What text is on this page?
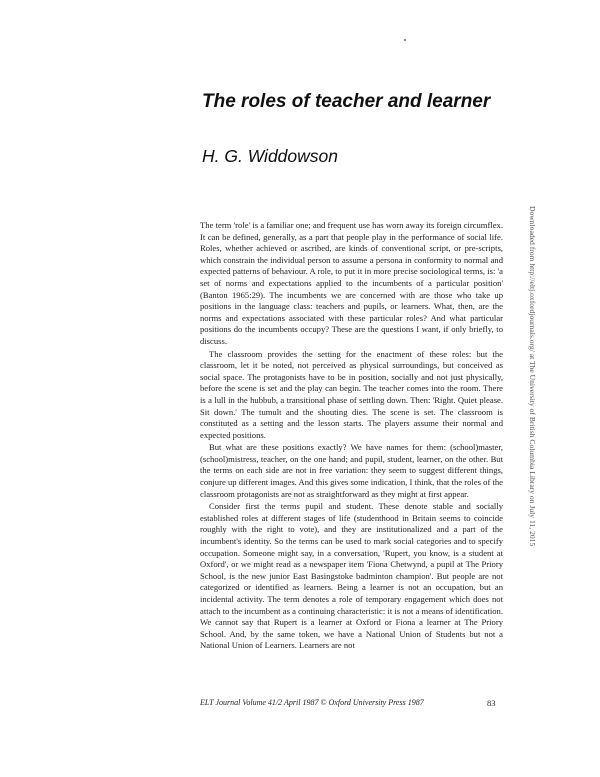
The roles of teacher and learner
H. G. Widdowson

The term 'role' is a familiar one; and frequent use has worn away its foreign circumflex. It can be defined, generally, as a part that people play in the performance of social life. Roles, whether achieved or ascribed, are kinds of conventional script, or pre-scripts, which constrain the individual person to assume a persona in conformity to normal and expected patterns of behaviour. A role, to put it in more precise sociological terms, is: 'a set of norms and expectations applied to the incumbents of a particular position' (Banton 1965:29). The incumbents we are concerned with are those who take up positions in the language class: teachers and pupils, or learners. What, then, are the norms and expectations associated with these particular roles? And what particular positions do the incumbents occupy? These are the questions I want, if only briefly, to discuss.

The classroom provides the setting for the enactment of these roles: but the classroom, let it be noted, not perceived as physical surroundings, but conceived as social space. The protagonists have to be in position, socially and not just physically, before the scene is set and the play can begin. The teacher comes into the room. There is a lull in the hubbub, a transitional phase of settling down. Then: 'Right. Quiet please. Sit down.' The tumult and the shouting dies. The scene is set. The classroom is constituted as a setting and the lesson starts. The players assume their normal and expected positions.

But what are these positions exactly? We have names for them: (school)master, (school)mistress, teacher, on the one hand; and pupil, student, learner, on the other. But the terms on each side are not in free variation: they seem to suggest different things, conjure up different images. And this gives some indication, I think, that the roles of the classroom protagonists are not as straightforward as they might at first appear.

Consider first the terms pupil and student. These denote stable and socially established roles at different stages of life (studenthood in Britain seems to coincide roughly with the right to vote), and they are institutionalized and a part of the incumbent's identity. So the terms can be used to mark social categories and to specify occupation. Someone might say, in a conversation, 'Rupert, you know, is a student at Oxford', or we might read as a newspaper item 'Fiona Chetwynd, a pupil at The Priory School, is the new junior East Basingstoke badminton champion'. But people are not categorized or identified as learners. Being a learner is not an occupation, but an incidental activity. The term denotes a role of temporary engagement which does not attach to the incumbent as a continuing characteristic: it is not a means of identification. We cannot say that Rupert is a learner at Oxford or Fiona a learner at The Priory School. And, by the same token, we have a National Union of Students but not a National Union of Learners. Learners are not

ELT Journal Volume 41/2 April 1987 © Oxford University Press 1987	83
Downloaded from http://eltj.oxfordjournals.org/ at The University of British Columbia Library on July 11, 2015
